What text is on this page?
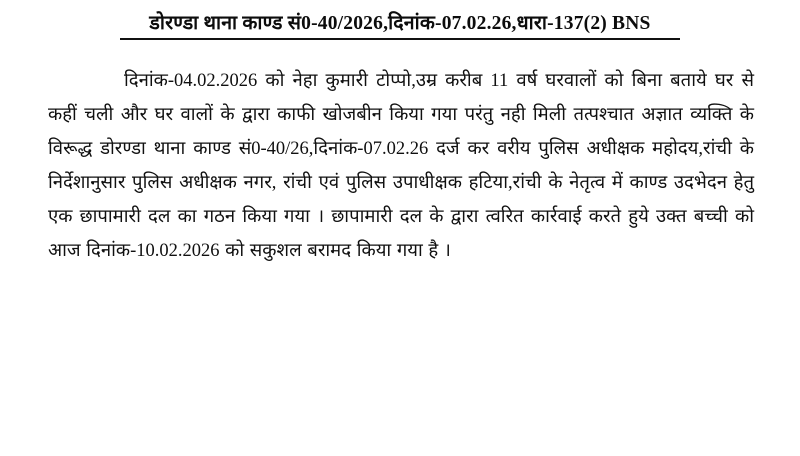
डोरण्डा थाना काण्ड सं0-40/2026,दिनांक-07.02.26,धारा-137(2) BNS

दिनांक-04.02.2026 को नेहा कुमारी टोप्पो,उम्र करीब 11 वर्ष घरवालों को बिना बताये घर से कहीं चली और घर वालों के द्वारा काफी खोजबीन किया गया परंतु नही मिली तत्पश्चात अज्ञात व्यक्ति के विरूद्ध डोरण्डा थाना काण्ड सं0-40/26,दिनांक-07.02.26 दर्ज कर वरीय पुलिस अधीक्षक महोदय,रांची के निर्देशानुसार पुलिस अधीक्षक नगर, रांची एवं पुलिस उपाधीक्षक हटिया,रांची के नेतृत्व में काण्ड उदभेदन हेतु एक छापामारी दल का गठन किया गया । छापामारी दल के द्वारा त्वरित कार्रवाई करते हुये उक्त बच्ची को आज दिनांक-10.02.2026 को सकुशल बरामद किया गया है ।
